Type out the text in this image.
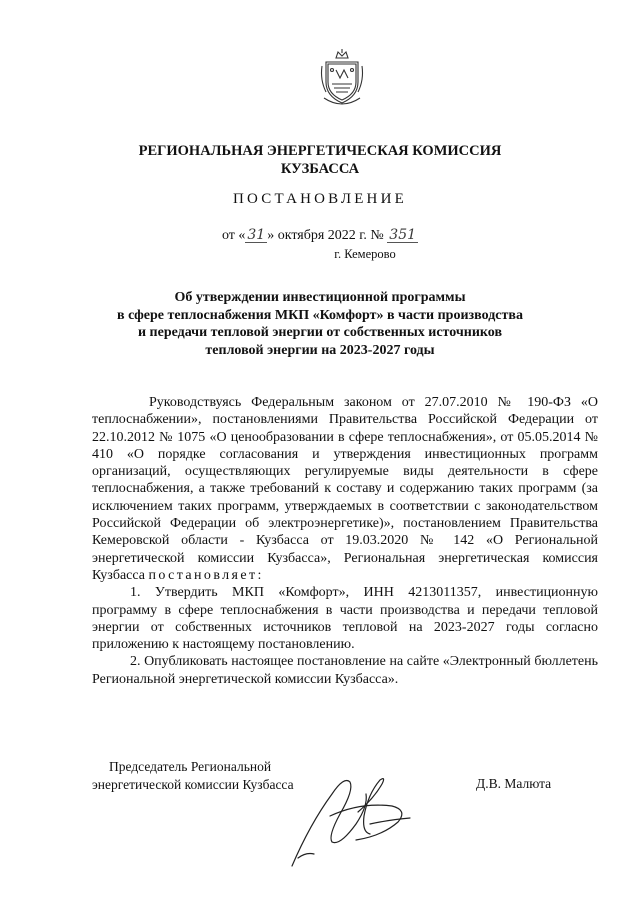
РЕГИОНАЛЬНАЯ ЭНЕРГЕТИЧЕСКАЯ КОМИССИЯ
КУЗБАССА
ПОСТАНОВЛЕНИЕ
от « 31 » октября 2022 г. № 351
г. Кемерово
Об утверждении инвестиционной программы
в сфере теплоснабжения МКП «Комфорт» в части производства
и передачи тепловой энергии от собственных источников
тепловой энергии на 2023-2027 годы

Руководствуясь Федеральным законом от 27.07.2010 № 190-ФЗ «О теплоснабжении», постановлениями Правительства Российской Федерации от 22.10.2012 № 1075 «О ценообразовании в сфере теплоснабжения», от 05.05.2014 № 410 «О порядке согласования и утверждения инвестиционных программ организаций, осуществляющих регулируемые виды деятельности в сфере теплоснабжения, а также требований к составу и содержанию таких программ (за исключением таких программ, утверждаемых в соответствии с законодательством Российской Федерации об электроэнергетике)», постановлением Правительства Кемеровской области - Кузбасса от 19.03.2020 № 142 «О Региональной энергетической комиссии Кузбасса», Региональная энергетическая комиссия Кузбасса постановляет:

1. Утвердить МКП «Комфорт», ИНН 4213011357, инвестиционную программу в сфере теплоснабжения в части производства и передачи тепловой энергии от собственных источников тепловой на 2023-2027 годы согласно приложению к настоящему постановлению.

2. Опубликовать настоящее постановление на сайте «Электронный бюллетень Региональной энергетической комиссии Кузбасса».

Председатель Региональной
энергетической комиссии Кузбасса	Д.В. Малюта
